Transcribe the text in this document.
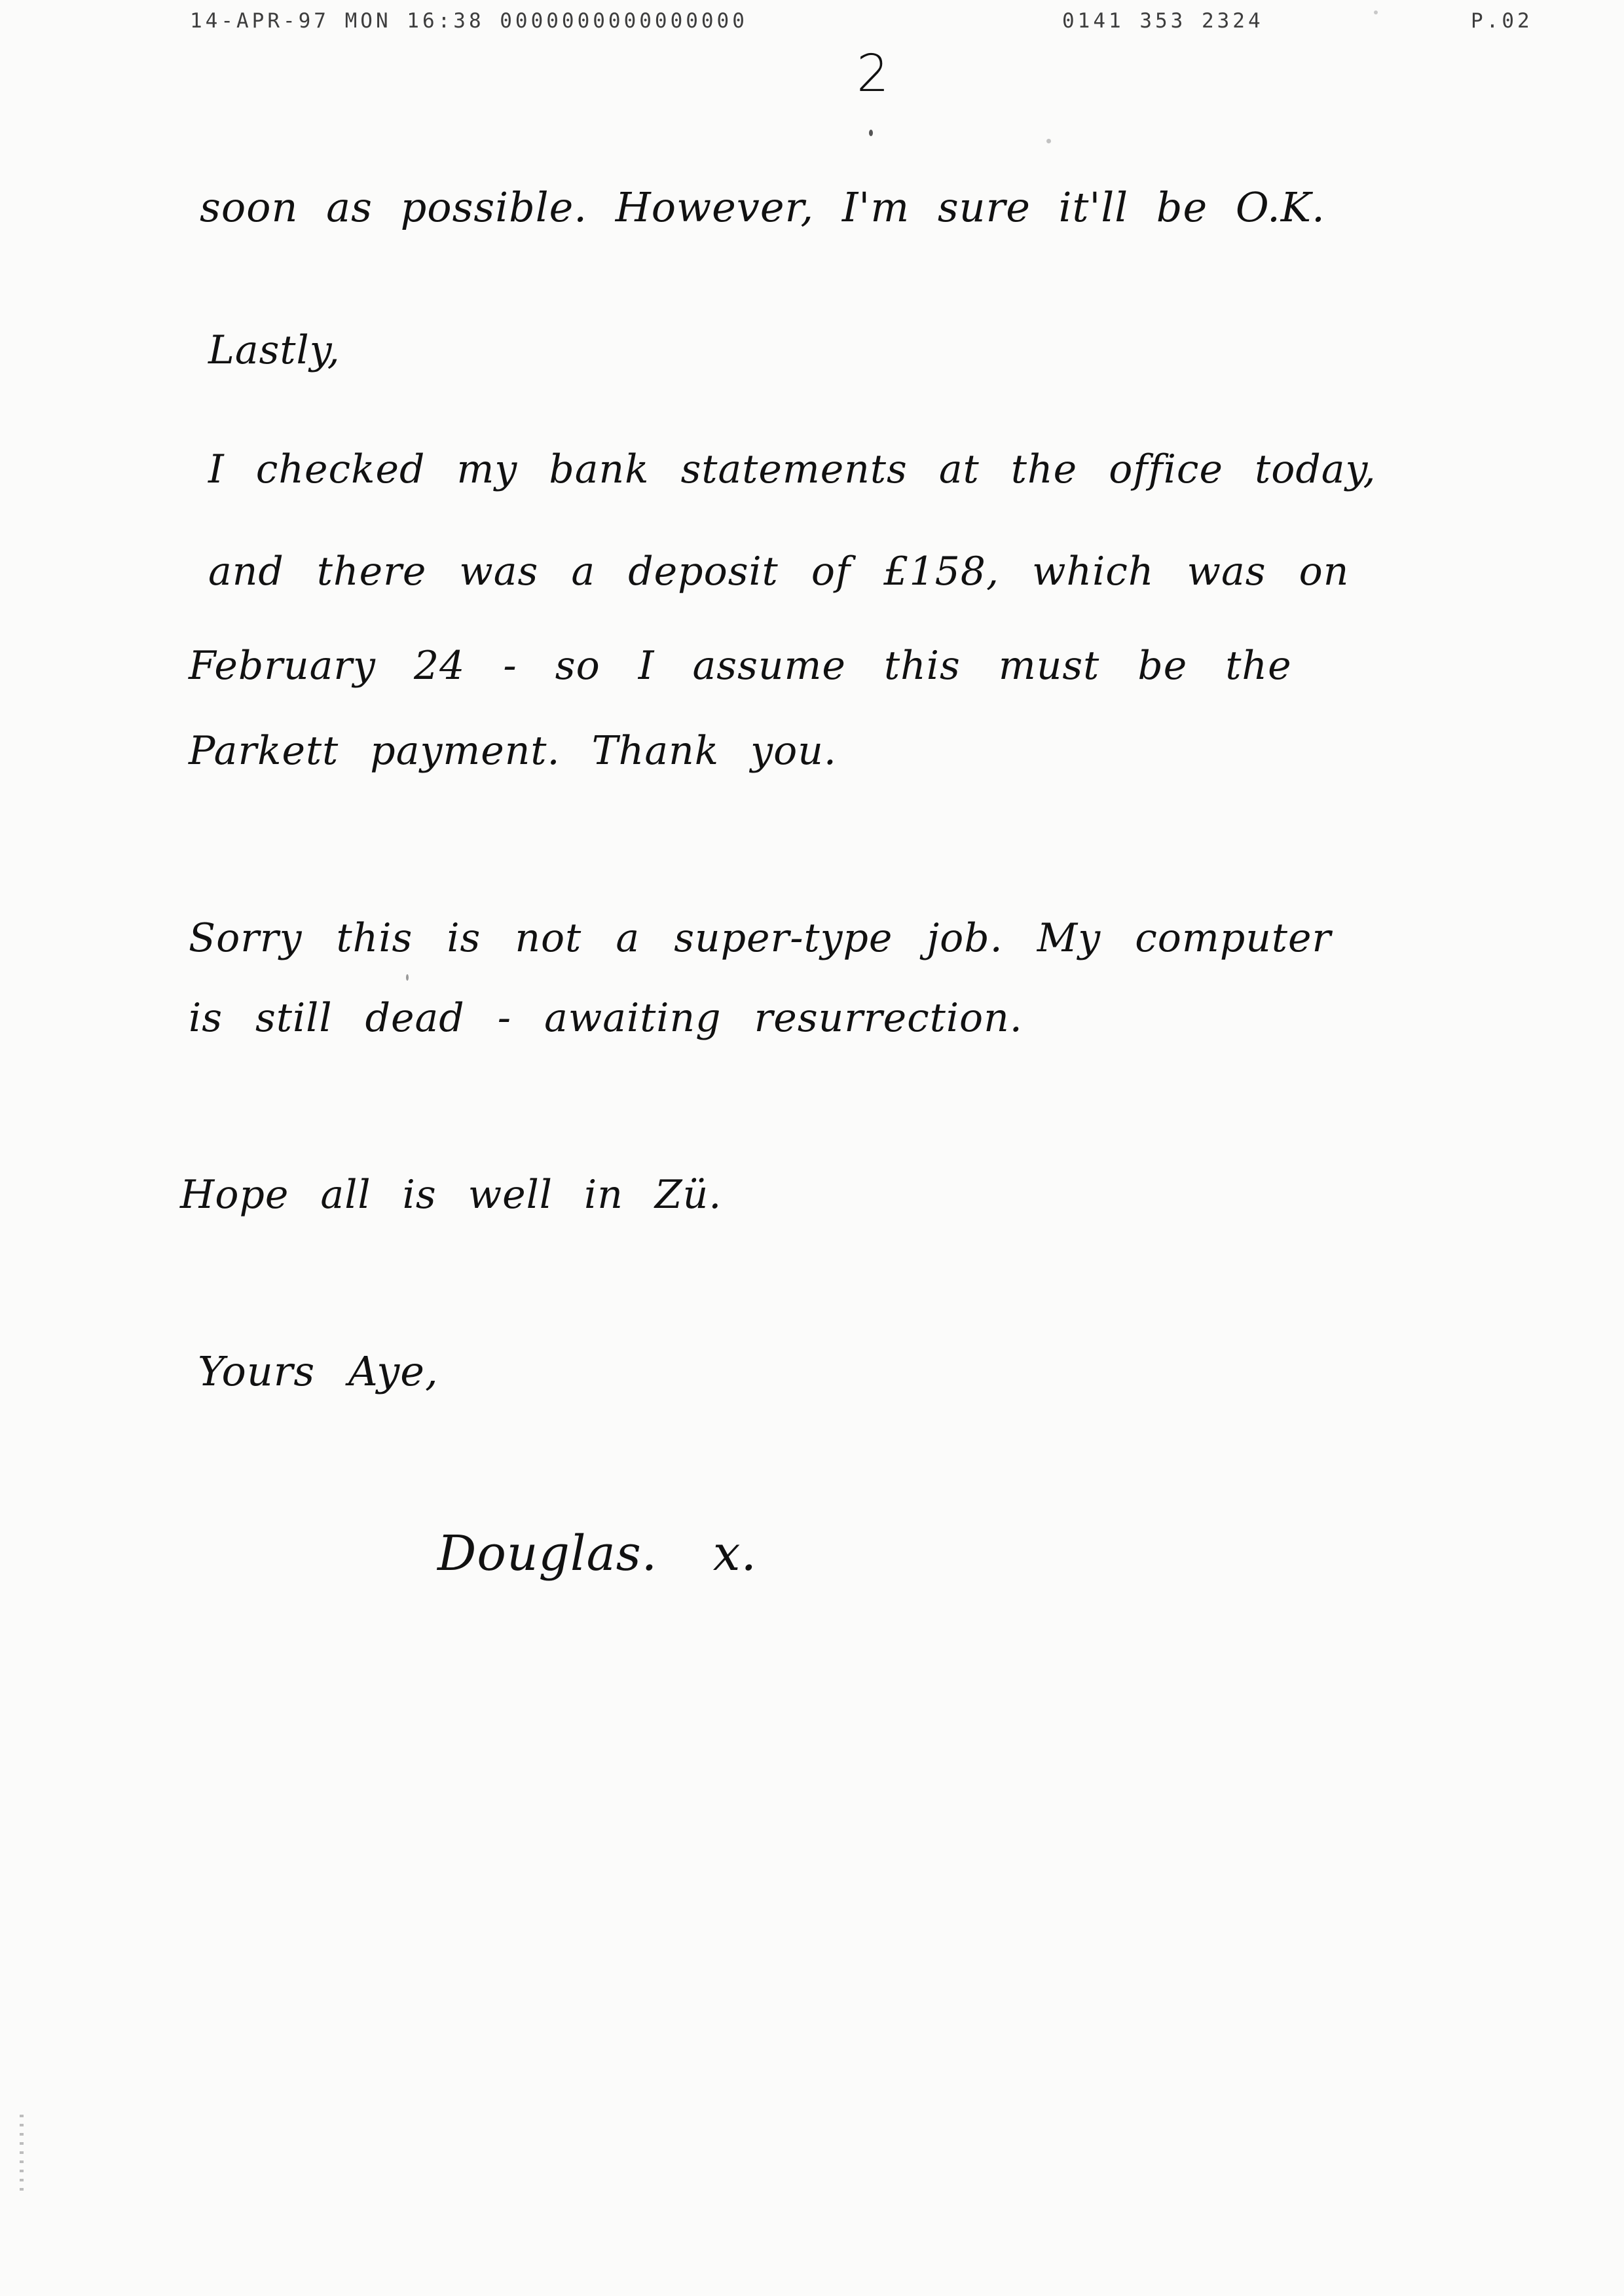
14-APR-97 MON 16:38 0000000000000000	0141 353 2324	P.02
2
soon as possible. However, I'm sure it'll be O.K.
Lastly,
I checked my bank statements at the office today,
and there was a deposit of £158, which was on
February 24 - so I assume this must be the
Parkett payment. Thank you.
Sorry this is not a super-type job. My computer
is still dead - awaiting resurrection.
Hope all is well in Zü.
Yours Aye,
Douglas. x.
